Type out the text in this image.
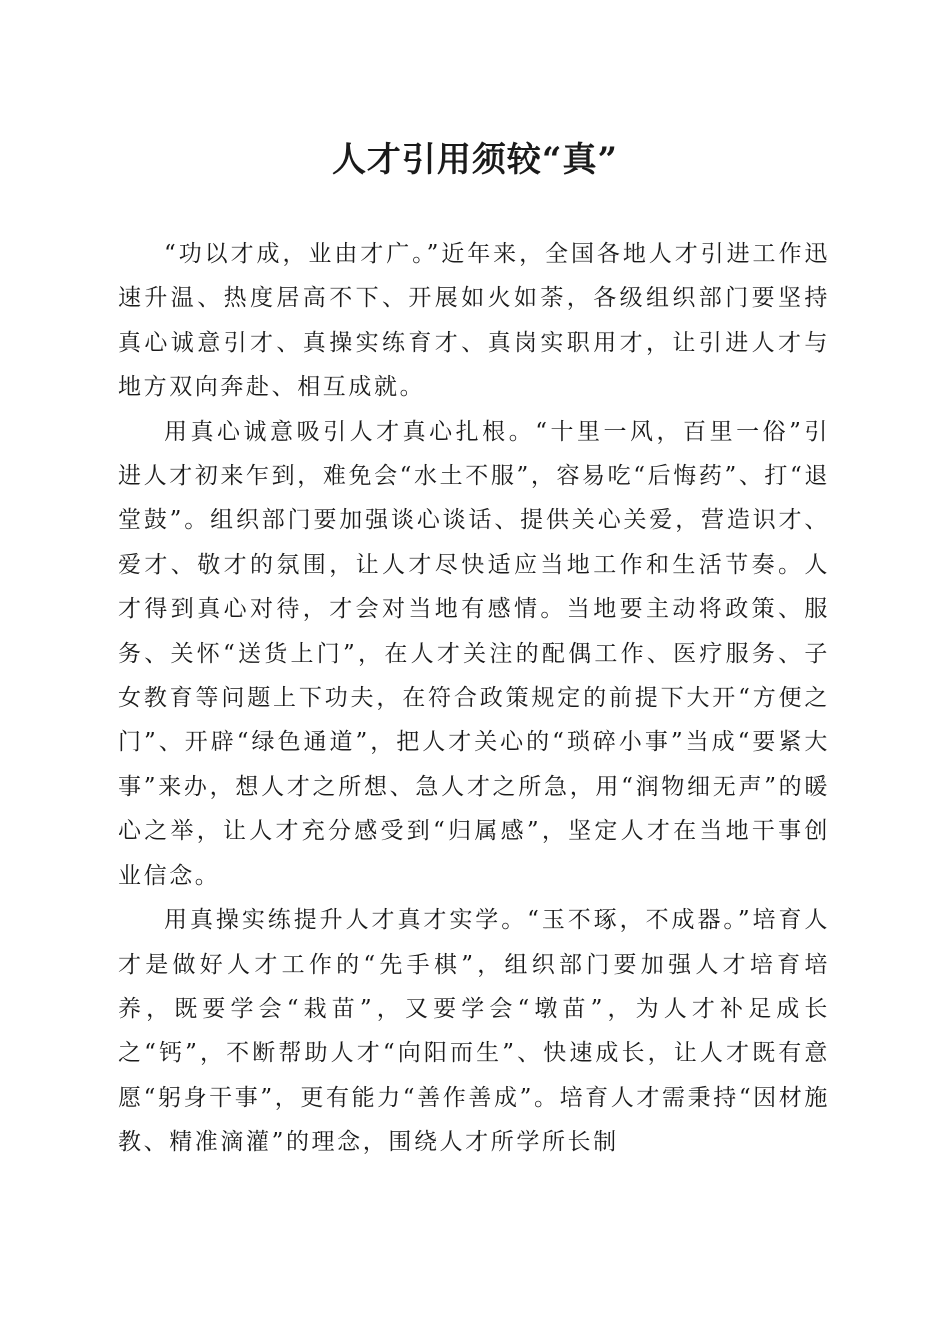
人才引用须较“真”

“功以才成，业由才广。”近年来，全国各地人才引进工作迅速升温、热度居高不下、开展如火如荼，各级组织部门要坚持真心诚意引才、真操实练育才、真岗实职用才，让引进人才与地方双向奔赴、相互成就。

用真心诚意吸引人才真心扎根。“十里一风，百里一俗”引进人才初来乍到，难免会“水土不服”，容易吃“后悔药”、打“退堂鼓”。组织部门要加强谈心谈话、提供关心关爱，营造识才、爱才、敬才的氛围，让人才尽快适应当地工作和生活节奏。人才得到真心对待，才会对当地有感情。当地要主动将政策、服务、关怀“送货上门”，在人才关注的配偶工作、医疗服务、子女教育等问题上下功夫，在符合政策规定的前提下大开“方便之门”、开辟“绿色通道”，把人才关心的“琐碎小事”当成“要紧大事”来办，想人才之所想、急人才之所急，用“润物细无声”的暖心之举，让人才充分感受到“归属感”，坚定人才在当地干事创业信念。

用真操实练提升人才真才实学。“玉不琢，不成器。”培育人才是做好人才工作的“先手棋”，组织部门要加强人才培育培养，既要学会“栽苗”，又要学会“墩苗”，为人才补足成长之“钙”，不断帮助人才“向阳而生”、快速成长，让人才既有意愿“躬身干事”，更有能力“善作善成”。培育人才需秉持“因材施教、精准滴灌”的理念，围绕人才所学所长制
